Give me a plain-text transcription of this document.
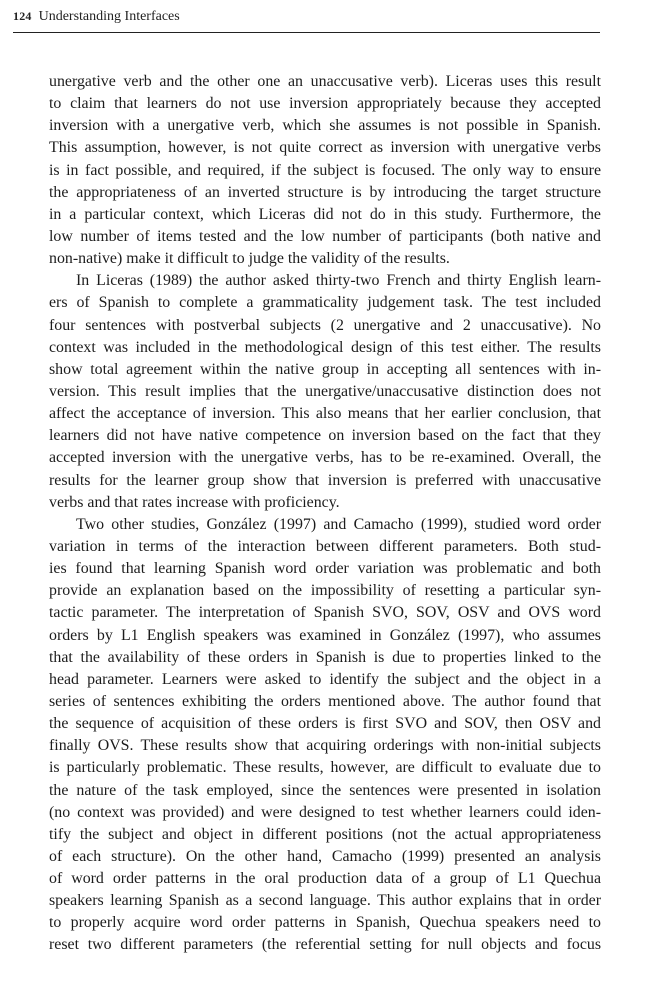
124 Understanding Interfaces
unergative verb and the other one an unaccusative verb). Liceras uses this result
to claim that learners do not use inversion appropriately because they accepted
inversion with a unergative verb, which she assumes is not possible in Spanish.
This assumption, however, is not quite correct as inversion with unergative verbs
is in fact possible, and required, if the subject is focused. The only way to ensure
the appropriateness of an inverted structure is by introducing the target structure
in a particular context, which Liceras did not do in this study. Furthermore, the
low number of items tested and the low number of participants (both native and
non-native) make it difficult to judge the validity of the results.
In Liceras (1989) the author asked thirty-two French and thirty English learn-
ers of Spanish to complete a grammaticality judgement task. The test included
four sentences with postverbal subjects (2 unergative and 2 unaccusative). No
context was included in the methodological design of this test either. The results
show total agreement within the native group in accepting all sentences with in-
version. This result implies that the unergative/unaccusative distinction does not
affect the acceptance of inversion. This also means that her earlier conclusion, that
learners did not have native competence on inversion based on the fact that they
accepted inversion with the unergative verbs, has to be re-examined. Overall, the
results for the learner group show that inversion is preferred with unaccusative
verbs and that rates increase with proficiency.
Two other studies, González (1997) and Camacho (1999), studied word order
variation in terms of the interaction between different parameters. Both stud-
ies found that learning Spanish word order variation was problematic and both
provide an explanation based on the impossibility of resetting a particular syn-
tactic parameter. The interpretation of Spanish SVO, SOV, OSV and OVS word
orders by L1 English speakers was examined in González (1997), who assumes
that the availability of these orders in Spanish is due to properties linked to the
head parameter. Learners were asked to identify the subject and the object in a
series of sentences exhibiting the orders mentioned above. The author found that
the sequence of acquisition of these orders is first SVO and SOV, then OSV and
finally OVS. These results show that acquiring orderings with non-initial subjects
is particularly problematic. These results, however, are difficult to evaluate due to
the nature of the task employed, since the sentences were presented in isolation
(no context was provided) and were designed to test whether learners could iden-
tify the subject and object in different positions (not the actual appropriateness
of each structure). On the other hand, Camacho (1999) presented an analysis
of word order patterns in the oral production data of a group of L1 Quechua
speakers learning Spanish as a second language. This author explains that in order
to properly acquire word order patterns in Spanish, Quechua speakers need to
reset two different parameters (the referential setting for null objects and focus
